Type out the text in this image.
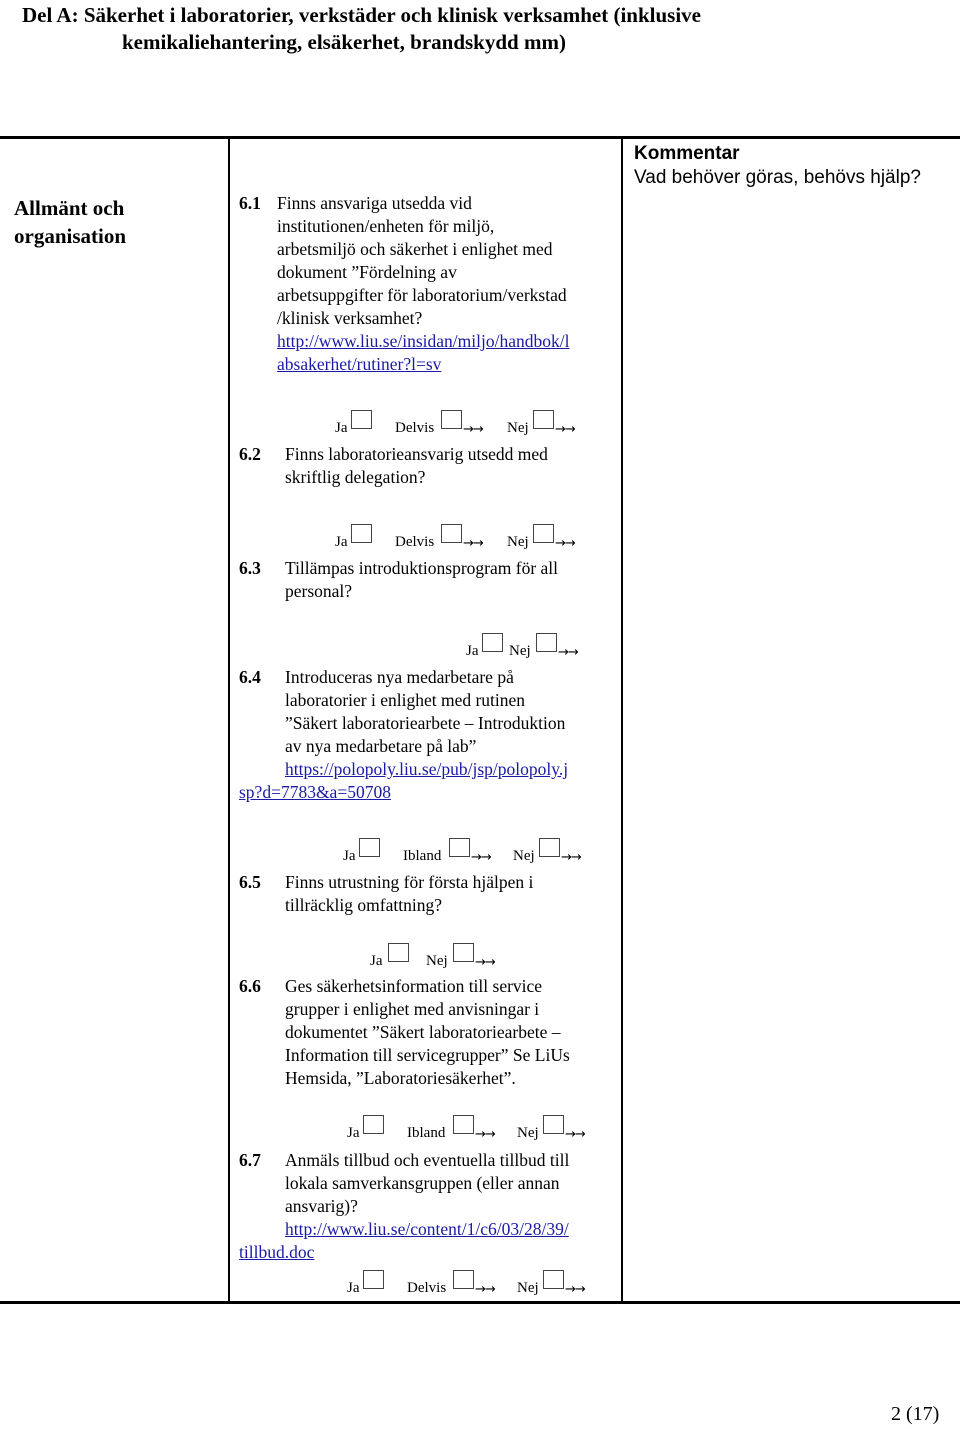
Del A: Säkerhet i laboratorier, verkstäder och klinisk verksamhet (inklusive
kemikaliehantering, elsäkerhet, brandskydd mm)
Allmänt och
organisation
Kommentar
Vad behöver göras, behövs hjälp?
6.1 Finns ansvariga utsedda vid
institutionen/enheten för miljö,
arbetsmiljö och säkerhet i enlighet med
dokument ”Fördelning av
arbetsuppgifter för laboratorium/verkstad
/klinisk verksamhet?
http://www.liu.se/insidan/miljo/handbok/l
absakerhet/rutiner?l=sv
Ja	Delvis →→ Nej →→
6.2 Finns laboratorieansvarig utsedd med
skriftlig delegation?
Ja	Delvis →→ Nej →→
6.3 Tillämpas introduktionsprogram för all
personal?
Ja Nej →→
6.4 Introduceras nya medarbetare på
laboratorier i enlighet med rutinen
”Säkert laboratoriearbete – Introduktion
av nya medarbetare på lab”
https://polopoly.liu.se/pub/jsp/polopoly.j
sp?d=7783&a=50708
Ja	Ibland →→ Nej →→
6.5 Finns utrustning för första hjälpen i
tillräcklig omfattning?
Ja	Nej →→
6.6 Ges säkerhetsinformation till service
grupper i enlighet med anvisningar i
dokumentet ”Säkert laboratoriearbete –
Information till servicegrupper” Se LiUs
Hemsida, ”Laboratoriesäkerhet”.
Ja	Ibland →→ Nej →→
6.7 Anmäls tillbud och eventuella tillbud till
lokala samverkansgruppen (eller annan
ansvarig)?
http://www.liu.se/content/1/c6/03/28/39/
tillbud.doc
Ja	Delvis →→ Nej →→
2 (17)
